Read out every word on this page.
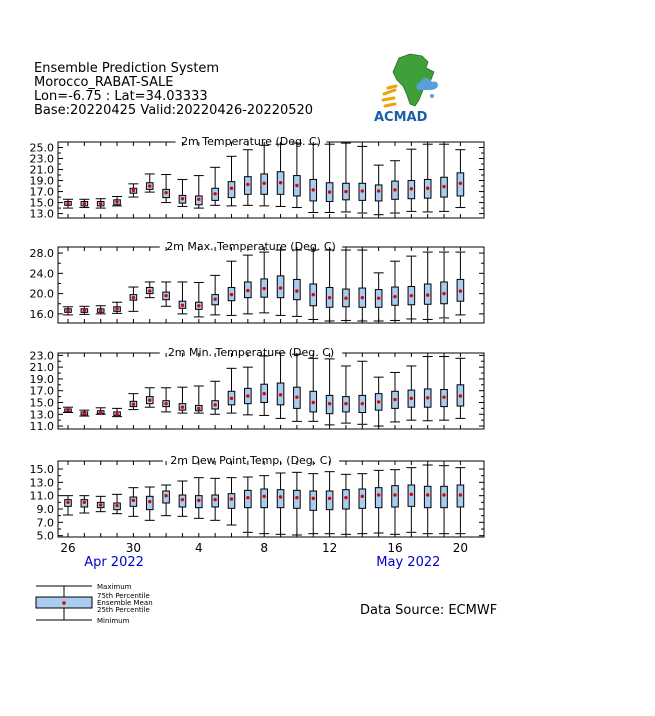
Ensemble Prediction System
Morocco_RABAT-SALE
Lon=-6.75 : Lat=34.03333
Base:20220425 Valid:20220426-20220520	ACMAD
2m Temperature (Deg. C)
13.0
15.0
17.0
19.0
21.0
23.0
25.0
2m Max. Temperature (Deg. C)
16.0
20.0
24.0
28.0
2m Min. Temperature (Deg. C)
11.0
13.0
15.0
17.0
19.0
21.0
23.0
2m Dew Point Temp. (Deg. C)
5.0
7.0
9.0
11.0
13.0
15.0
26	30	4	8	12	16	20
Apr 2022	May 2022
Maximum
75th Percentile
Ensemble Mean
25th Percentile
Minimum
Data Source: ECMWF
